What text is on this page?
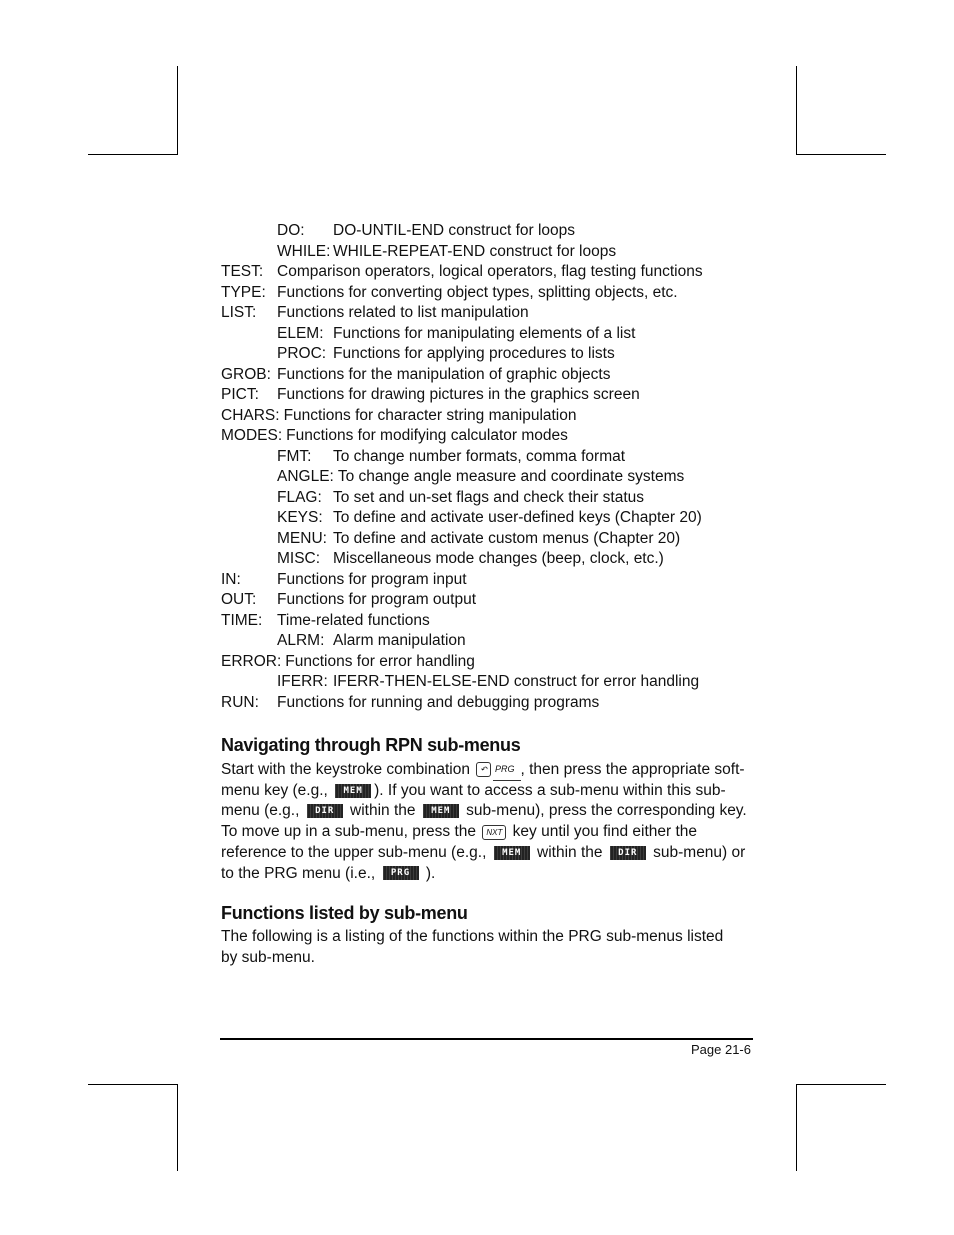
DO: DO-UNTIL-END construct for loops
WHILE: WHILE-REPEAT-END construct for loops
TEST: Comparison operators, logical operators, flag testing functions
TYPE: Functions for converting object types, splitting objects, etc.
LIST: Functions related to list manipulation
ELEM: Functions for manipulating elements of a list
PROC: Functions for applying procedures to lists
GROB: Functions for the manipulation of graphic objects
PICT: Functions for drawing pictures in the graphics screen
CHARS: Functions for character string manipulation
MODES: Functions for modifying calculator modes
FMT: To change number formats, comma format
ANGLE: To change angle measure and coordinate systems
FLAG: To set and un-set flags and check their status
KEYS: To define and activate user-defined keys (Chapter 20)
MENU: To define and activate custom menus (Chapter 20)
MISC: Miscellaneous mode changes (beep, clock, etc.)
IN: Functions for program input
OUT: Functions for program output
TIME: Time-related functions
ALRM: Alarm manipulation
ERROR: Functions for error handling
IFERR: IFERR-THEN-ELSE-END construct for error handling
RUN: Functions for running and debugging programs
Navigating through RPN sub-menus
Start with the keystroke combination ↶ PRG , then press the appropriate soft-menu key (e.g., MEM ). If you want to access a sub-menu within this sub-menu (e.g., DIR within the MEM sub-menu), press the corresponding key. To move up in a sub-menu, press the NXT key until you find either the reference to the upper sub-menu (e.g., MEM within the DIR sub-menu) or to the PRG menu (i.e., PRG ).
Functions listed by sub-menu
The following is a listing of the functions within the PRG sub-menus listed by sub-menu.
Page 21-6
